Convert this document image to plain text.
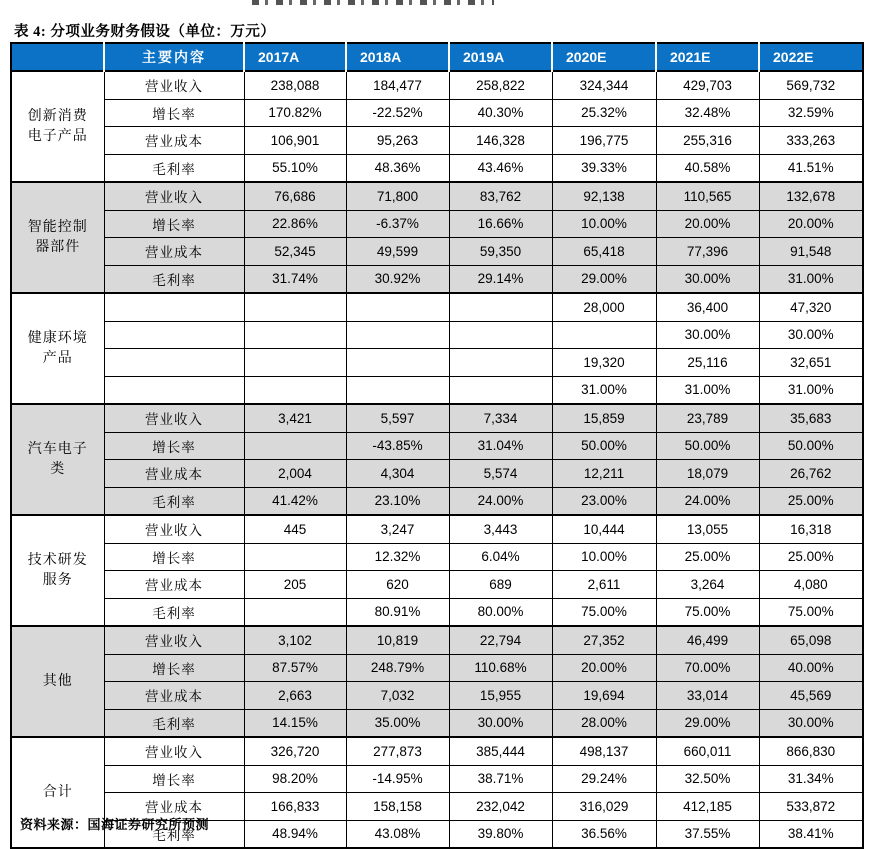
表 4: 分项业务财务假设（单位：万元）
	主要内容	2017A	2018A	2019A	2020E	2021E	2022E
创新消费电子产品	营业收入	238,088	184,477	258,822	324,344	429,703	569,732
	增长率	170.82%	-22.52%	40.30%	25.32%	32.48%	32.59%
	营业成本	106,901	95,263	146,328	196,775	255,316	333,263
	毛利率	55.10%	48.36%	43.46%	39.33%	40.58%	41.51%
智能控制器部件	营业收入	76,686	71,800	83,762	92,138	110,565	132,678
	增长率	22.86%	-6.37%	16.66%	10.00%	20.00%	20.00%
	营业成本	52,345	49,599	59,350	65,418	77,396	91,548
	毛利率	31.74%	30.92%	29.14%	29.00%	30.00%	31.00%
健康环境产品					28,000	36,400	47,320
						30.00%	30.00%
					19,320	25,116	32,651
					31.00%	31.00%	31.00%
汽车电子类	营业收入	3,421	5,597	7,334	15,859	23,789	35,683
	增长率		-43.85%	31.04%	50.00%	50.00%	50.00%
	营业成本	2,004	4,304	5,574	12,211	18,079	26,762
	毛利率	41.42%	23.10%	24.00%	23.00%	24.00%	25.00%
技术研发服务	营业收入	445	3,247	3,443	10,444	13,055	16,318
	增长率		12.32%	6.04%	10.00%	25.00%	25.00%
	营业成本	205	620	689	2,611	3,264	4,080
	毛利率		80.91%	80.00%	75.00%	75.00%	75.00%
其他	营业收入	3,102	10,819	22,794	27,352	46,499	65,098
	增长率	87.57%	248.79%	110.68%	20.00%	70.00%	40.00%
	营业成本	2,663	7,032	15,955	19,694	33,014	45,569
	毛利率	14.15%	35.00%	30.00%	28.00%	29.00%	30.00%
合计	营业收入	326,720	277,873	385,444	498,137	660,011	866,830
	增长率	98.20%	-14.95%	38.71%	29.24%	32.50%	31.34%
	营业成本	166,833	158,158	232,042	316,029	412,185	533,872
	毛利率	48.94%	43.08%	39.80%	36.56%	37.55%	38.41%
资料来源：国海证券研究所预测
